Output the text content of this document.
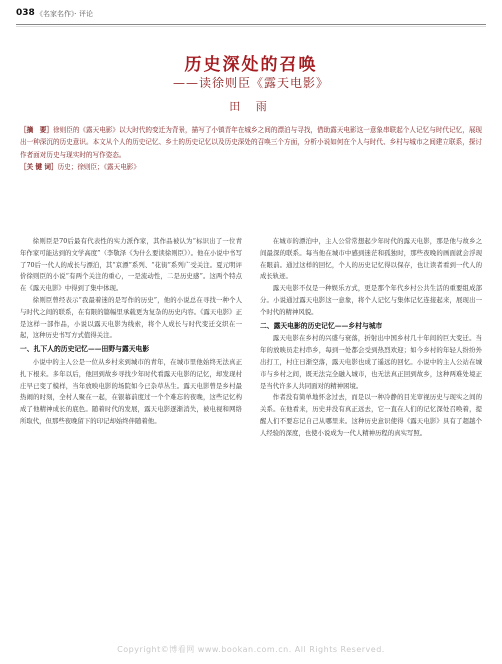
038 《名家名作》· 评论
历史深处的召唤
——读徐则臣《露天电影》
田 雨
［摘　要］徐则臣的《露天电影》以大时代的变迁为背景，描写了小镇青年在城乡之间的漂泊与寻找，借助露天电影这一意象串联起个人记忆与时代记忆，展现出一种深沉的历史意识。本文从个人的历史记忆、乡土的历史记忆以及历史深处的召唤三个方面，分析小说如何在个人与时代、乡村与城市之间建立联系，探讨作者面对历史与现实时的写作姿态。
［关 键 词］历史；徐则臣；《露天电影》

徐则臣是70后最有代表性的实力派作家，其作品被认为“标识出了一位青年作家可能达到的文学高度”（李敬泽《为什么要读徐则臣》）。他在小说中书写了70后一代人的成长与漂泊，其“京漂”系列、“花街”系列广受关注。夏元明评价徐则臣的小说“有两个关注的重心，一是流动性，二是历史感”。这两个特点在《露天电影》中得到了集中体现。

徐则臣曾经表示“我最着迷的是写作的历史”，他的小说总在寻找一种个人与时代之间的联系，在有限的篇幅里承载更为复杂的历史内容。《露天电影》正是这样一部作品，小说以露天电影为线索，将个人成长与时代变迁交织在一起，这种历史书写方式值得关注。

一、扎下人的历史记忆——田野与露天电影

小说中的主人公是一位从乡村来到城市的青年，在城市里他始终无法真正扎下根来。多年以后，他回到故乡寻找少年时代看露天电影的记忆，却发现村庄早已变了模样，当年放映电影的场院如今已杂草丛生。露天电影曾是乡村最热闹的时刻，全村人聚在一起，在银幕前度过一个个难忘的夜晚，这些记忆构成了他精神成长的底色。随着时代的发展，露天电影逐渐消失，被电视和网络所取代，但那些夜晚留下的印记却始终伴随着他。

在城市的漂泊中，主人公常常想起少年时代的露天电影，那是他与故乡之间最深的联系。每当他在城市中感到迷茫和孤独时，那些夜晚的画面就会浮现在眼前。通过这样的回忆，个人的历史记忆得以保存，也让读者看到一代人的成长轨迹。

露天电影不仅是一种娱乐方式，更是那个年代乡村公共生活的重要组成部分。小说通过露天电影这一意象，将个人记忆与集体记忆连接起来，展现出一个时代的精神风貌。

二、露天电影的历史记忆——乡村与城市

露天电影在乡村的兴盛与衰落，折射出中国乡村几十年间的巨大变迁。当年的放映员走村串乡，每到一处都会受到热烈欢迎；如今乡村的年轻人纷纷外出打工，村庄日渐空落，露天电影也成了遥远的回忆。小说中的主人公站在城市与乡村之间，既无法完全融入城市，也无法真正回到故乡，这种两难处境正是当代许多人共同面对的精神困境。

作者没有简单地怀念过去，而是以一种冷静的目光审视历史与现实之间的关系。在他看来，历史并没有真正远去，它一直在人们的记忆深处召唤着，提醒人们不要忘记自己从哪里来。这种历史意识使得《露天电影》具有了超越个人经验的深度，也使小说成为一代人精神历程的真实写照。

Copyright©博看网 www.bookan.com.cn. All Rights Reserved.
